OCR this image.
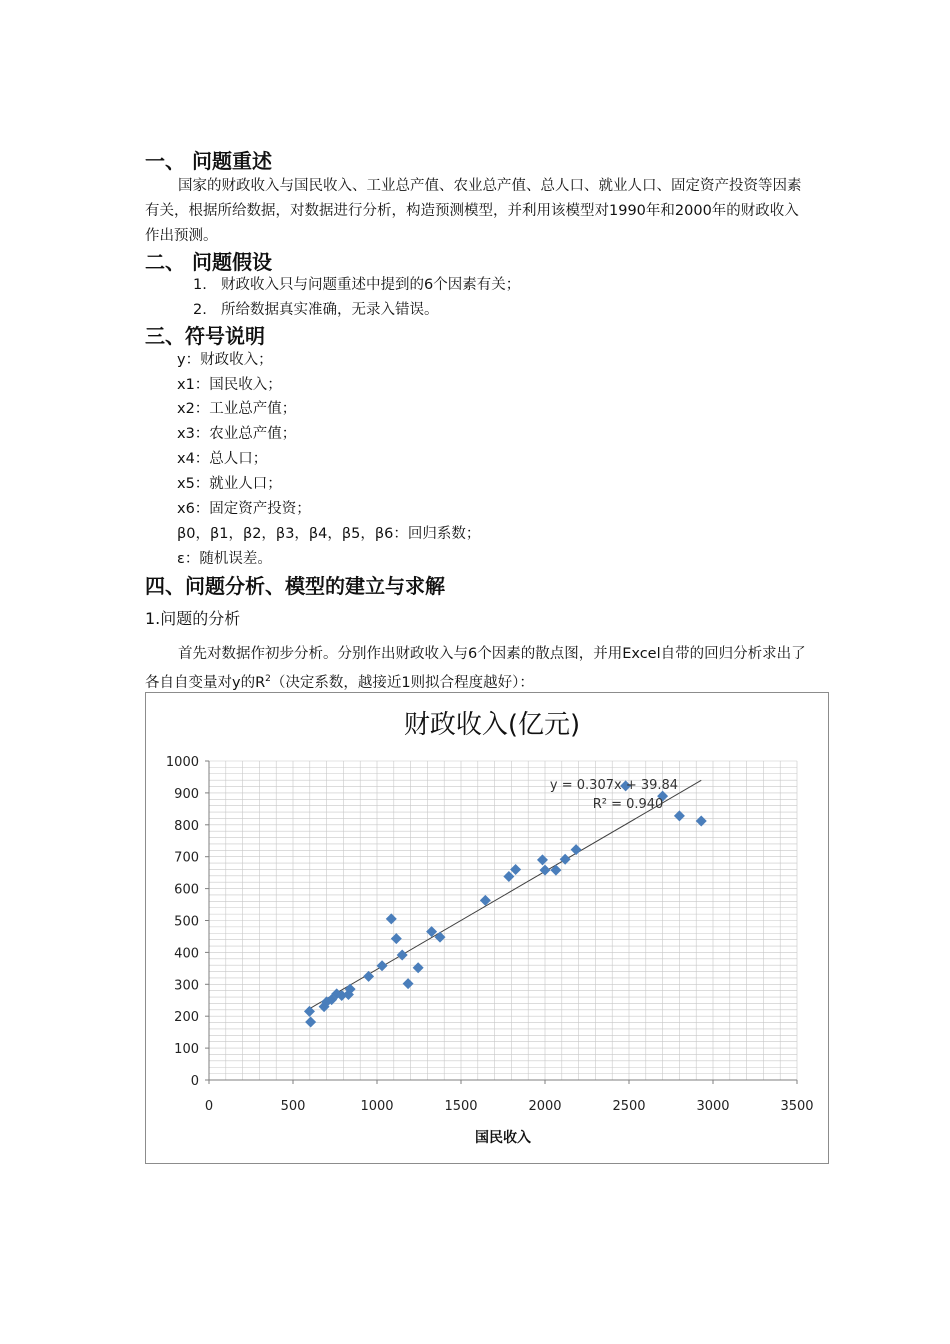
一、 问题重述
国家的财政收入与国民收入、工业总产值、农业总产值、总人口、就业人口、固定资产投资等因素有关，根据所给数据，对数据进行分析，构造预测模型，并利用该模型对1990年和2000年的财政收入作出预测。
二、 问题假设
1. 财政收入只与问题重述中提到的6个因素有关；
2. 所给数据真实准确，无录入错误。
三、符号说明
y：财政收入；
x1：国民收入；
x2：工业总产值；
x3：农业总产值；
x4：总人口；
x5：就业人口；
x6：固定资产投资；
β0，β1，β2，β3，β4，β5，β6：回归系数；
ε：随机误差。
四、问题分析、模型的建立与求解
1.问题的分析
首先对数据作初步分析。分别作出财政收入与6个因素的散点图，并用Excel自带的回归分析求出了各自自变量对y的$R^2$（决定系数，越接近1则拟合程度越好）：
财政收入(亿元)
0
100
200
300
400
500
600
700
800
900
1000
0	500	1000	1500	2000	2500	3000	3500
y = 0.307x + 39.84
R² = 0.940
国民收入
